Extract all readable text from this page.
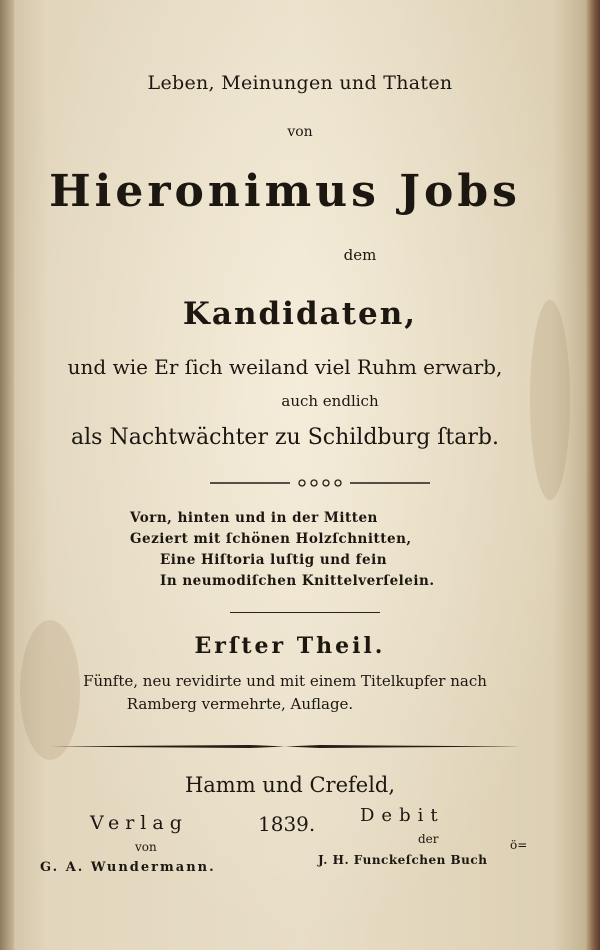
Leben, Meinungen und Thaten
von
Hieronimus Jobs
dem
Kandidaten,
und wie Er ſich weiland viel Ruhm erwarb,
auch endlich
als Nachtwächter zu Schildburg ſtarb.
Vorn, hinten und in der Mitten
Geziert mit ſchönen Holzſchnitten,
Eine Hiſtoria luſtig und fein
In neumodiſchen Knittelverſelein.
Erſter Theil.
Fünfte, neu revidirte und mit einem Titelkupfer nach
Ramberg vermehrte, Auflage.
Hamm und Crefeld,
Verlag	1839. Debit
von
der	ö=
G. A. Wundermann.	J. H. Funckeſchen Buch
